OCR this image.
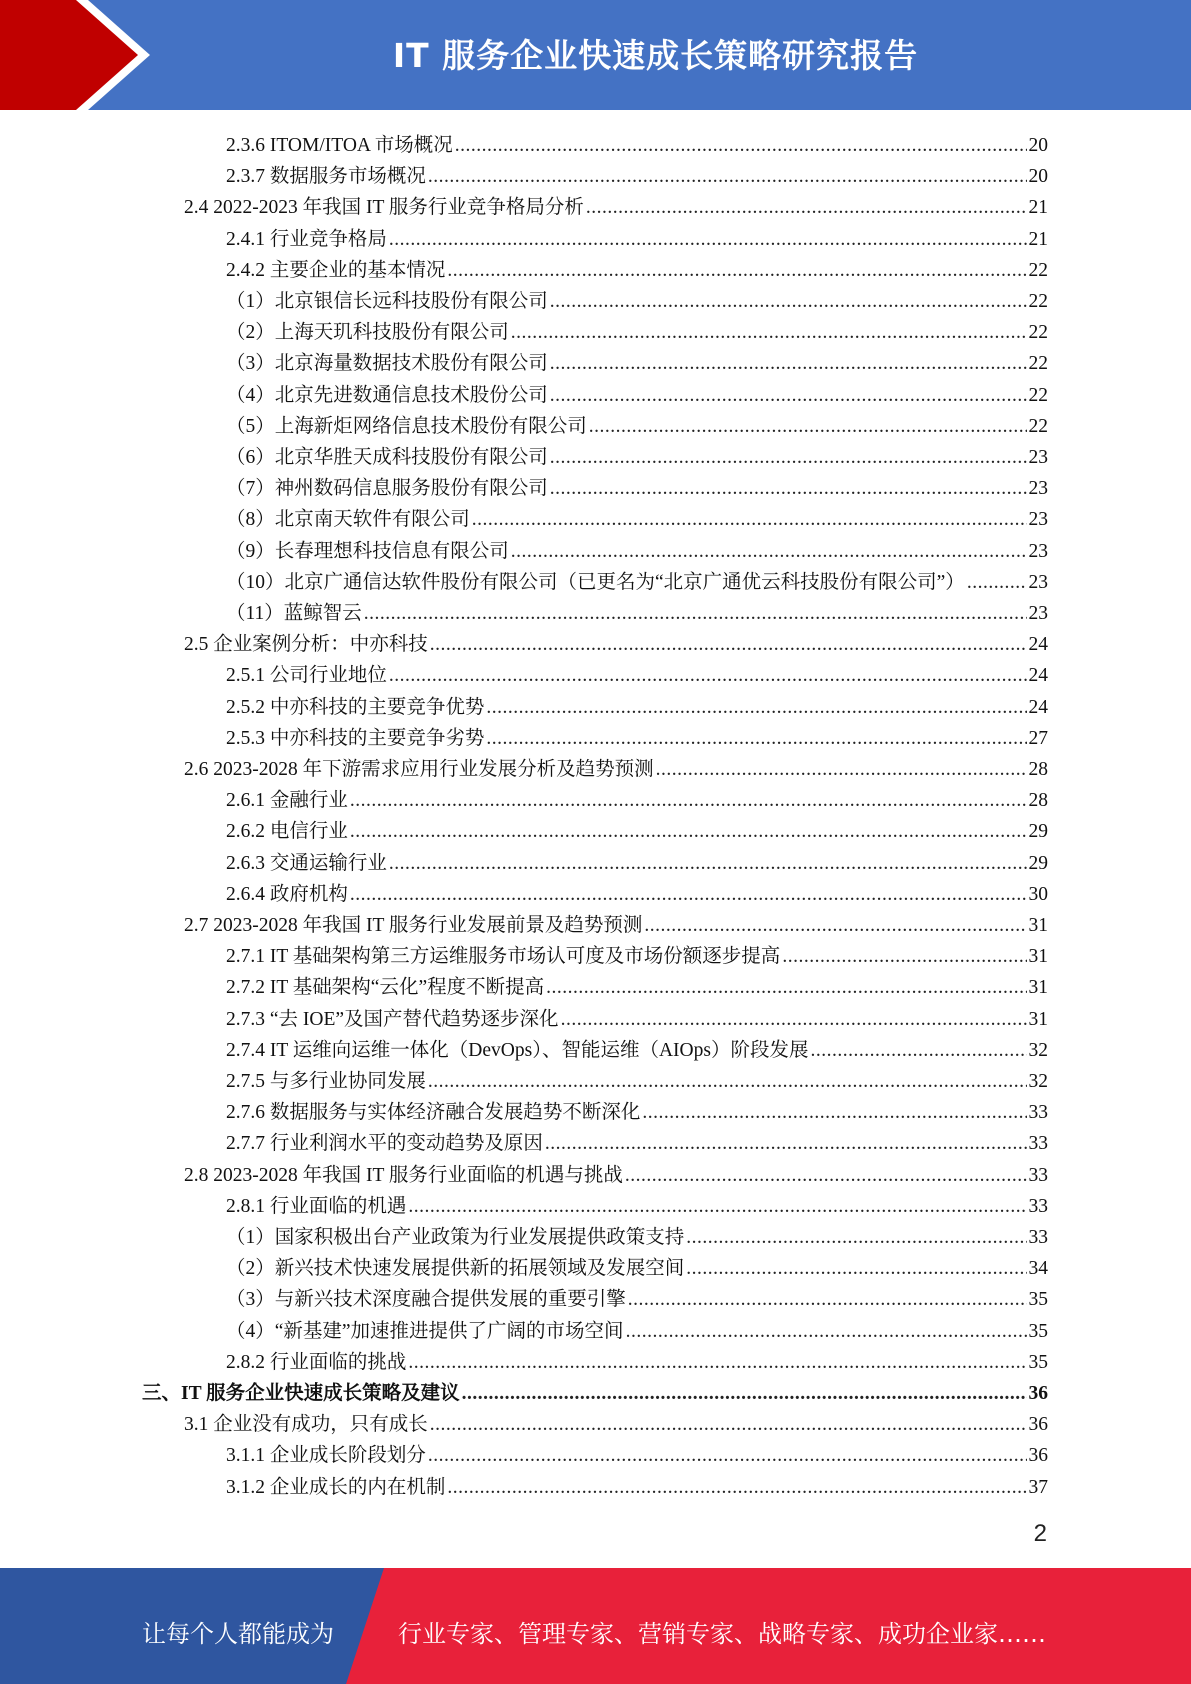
IT 服务企业快速成长策略研究报告
2.3.6 ITOM/ITOA 市场概况 .....	20
2.3.7 数据服务市场概况 .....	20
2.4 2022-2023 年我国 IT 服务行业竞争格局分析 .....	21
2.4.1 行业竞争格局 .....	21
2.4.2 主要企业的基本情况 .....	22
（1）北京银信长远科技股份有限公司 .....	22
（2）上海天玑科技股份有限公司 .....	22
（3）北京海量数据技术股份有限公司 .....	22
（4）北京先进数通信息技术股份公司 .....	22
（5）上海新炬网络信息技术股份有限公司 .....	22
（6）北京华胜天成科技股份有限公司 .....	23
（7）神州数码信息服务股份有限公司 .....	23
（8）北京南天软件有限公司 .....	23
（9）长春理想科技信息有限公司 .....	23
（10）北京广通信达软件股份有限公司（已更名为“北京广通优云科技股份有限公司”） .....	23
（11）蓝鲸智云 .....	23
2.5 企业案例分析：中亦科技 .....	24
2.5.1 公司行业地位 .....	24
2.5.2 中亦科技的主要竞争优势 .....	24
2.5.3 中亦科技的主要竞争劣势 .....	27
2.6 2023-2028 年下游需求应用行业发展分析及趋势预测 .....	28
2.6.1 金融行业 .....	28
2.6.2 电信行业 .....	29
2.6.3 交通运输行业 .....	29
2.6.4 政府机构 .....	30
2.7 2023-2028 年我国 IT 服务行业发展前景及趋势预测 .....	31
2.7.1 IT 基础架构第三方运维服务市场认可度及市场份额逐步提高 .....	31
2.7.2 IT 基础架构“云化”程度不断提高 .....	31
2.7.3 “去 IOE”及国产替代趋势逐步深化 .....	31
2.7.4 IT 运维向运维一体化（DevOps）、智能运维（AIOps）阶段发展 .....	32
2.7.5 与多行业协同发展 .....	32
2.7.6 数据服务与实体经济融合发展趋势不断深化 .....	33
2.7.7 行业利润水平的变动趋势及原因 .....	33
2.8 2023-2028 年我国 IT 服务行业面临的机遇与挑战 .....	33
2.8.1 行业面临的机遇 .....	33
（1）国家积极出台产业政策为行业发展提供政策支持 .....	33
（2）新兴技术快速发展提供新的拓展领域及发展空间 .....	34
（3）与新兴技术深度融合提供发展的重要引擎 .....	35
（4）“新基建”加速推进提供了广阔的市场空间 .....	35
2.8.2 行业面临的挑战 .....	35
三、IT 服务企业快速成长策略及建议 .....	36
3.1 企业没有成功，只有成长 .....	36
3.1.1 企业成长阶段划分 .....	36
3.1.2 企业成长的内在机制 .....	37
2
让每个人都能成为	行业专家、管理专家、营销专家、战略专家、成功企业家……
